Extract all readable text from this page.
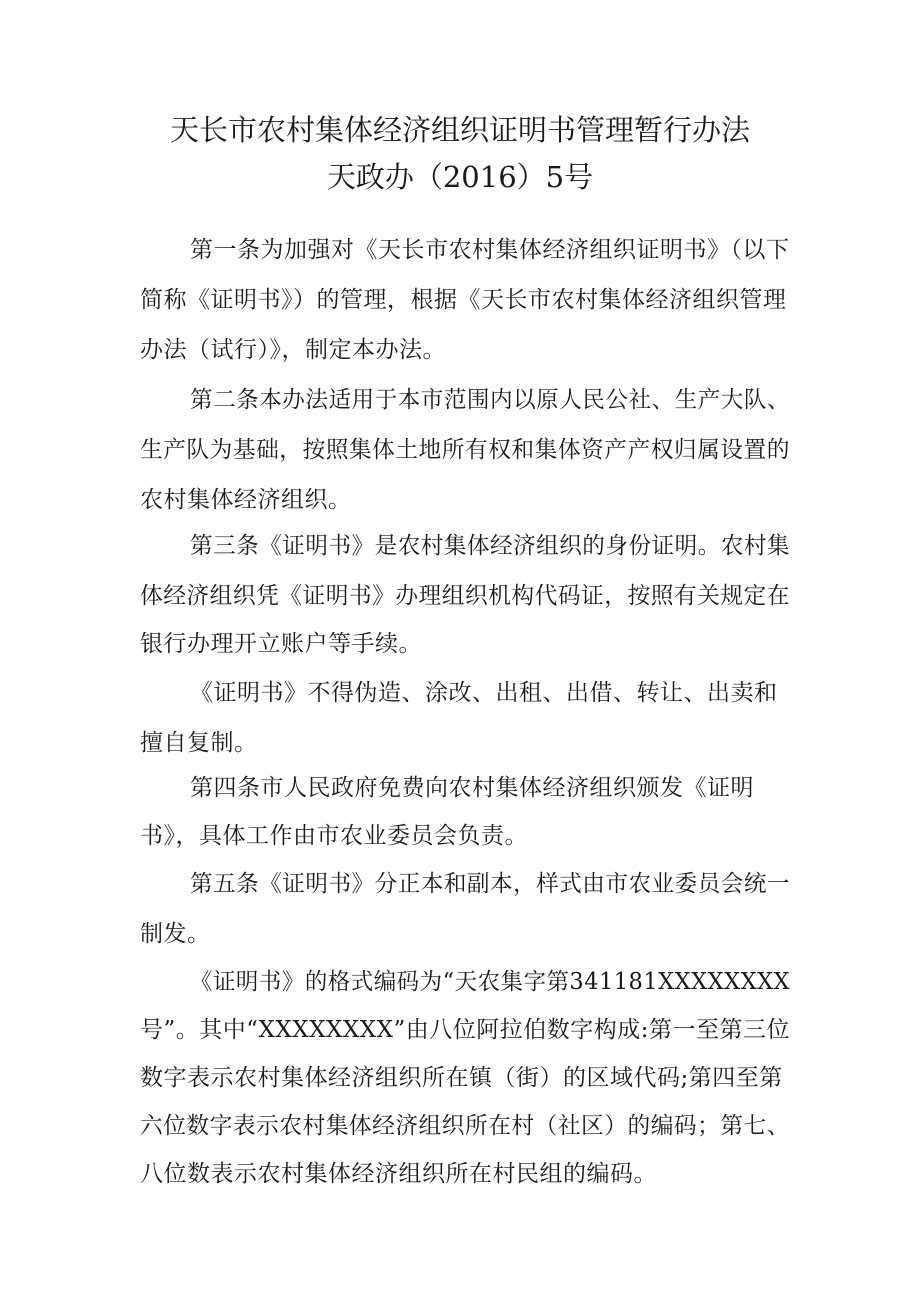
天长市农村集体经济组织证明书管理暂行办法
天政办（2016）5号
第一条为加强对《天长市农村集体经济组织证明书》（以下
简称《证明书》）的管理，根据《天长市农村集体经济组织管理
办法（试行）》，制定本办法。
第二条本办法适用于本市范围内以原人民公社、生产大队、
生产队为基础，按照集体土地所有权和集体资产产权归属设置的
农村集体经济组织。
第三条《证明书》是农村集体经济组织的身份证明。农村集
体经济组织凭《证明书》办理组织机构代码证，按照有关规定在
银行办理开立账户等手续。
《证明书》不得伪造、涂改、出租、出借、转让、出卖和
擅自复制。
第四条市人民政府免费向农村集体经济组织颁发《证明
书》，具体工作由市农业委员会负责。
第五条《证明书》分正本和副本，样式由市农业委员会统一
制发。
《证明书》的格式编码为“天农集字第341181XXXXXXXX
号”。其中“XXXXXXXX”由八位阿拉伯数字构成:第一至第三位
数字表示农村集体经济组织所在镇（街）的区域代码;第四至第
六位数字表示农村集体经济组织所在村（社区）的编码；第七、
八位数表示农村集体经济组织所在村民组的编码。
